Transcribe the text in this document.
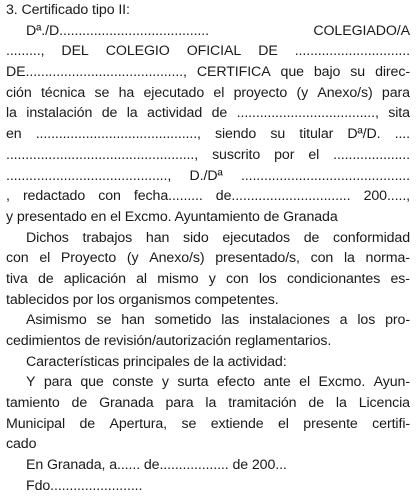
3. Certificado tipo II:
Dª./D.......................................	COLEGIADO/A
........., DEL COLEGIO OFICIAL DE ..............................
DE........................................., CERTIFICA que bajo su direc-
ción técnica se ha ejecutado el proyecto (y Anexo/s) para
la instalación de la actividad de ...................................., sita
en .........................................., siendo su titular Dª/D. ....
................................................., suscrito por el ....................
.........................................., D./Dª ............................................
, redactado con fecha......... de............................... 200.....,
y presentado en el Excmo. Ayuntamiento de Granada
Dichos trabajos han sido ejecutados de conformidad
con el Proyecto (y Anexo/s) presentado/s, con la norma-
tiva de aplicación al mismo y con los condicionantes es-
tablecidos por los organismos competentes.
Asimismo se han sometido las instalaciones a los pro-
cedimientos de revisión/autorización reglamentarios.
Características principales de la actividad:
Y para que conste y surta efecto ante el Excmo. Ayun-
tamiento de Granada para la tramitación de la Licencia
Municipal de Apertura, se extiende el presente certifi-
cado
En Granada, a...... de.................. de 200...
Fdo........................
